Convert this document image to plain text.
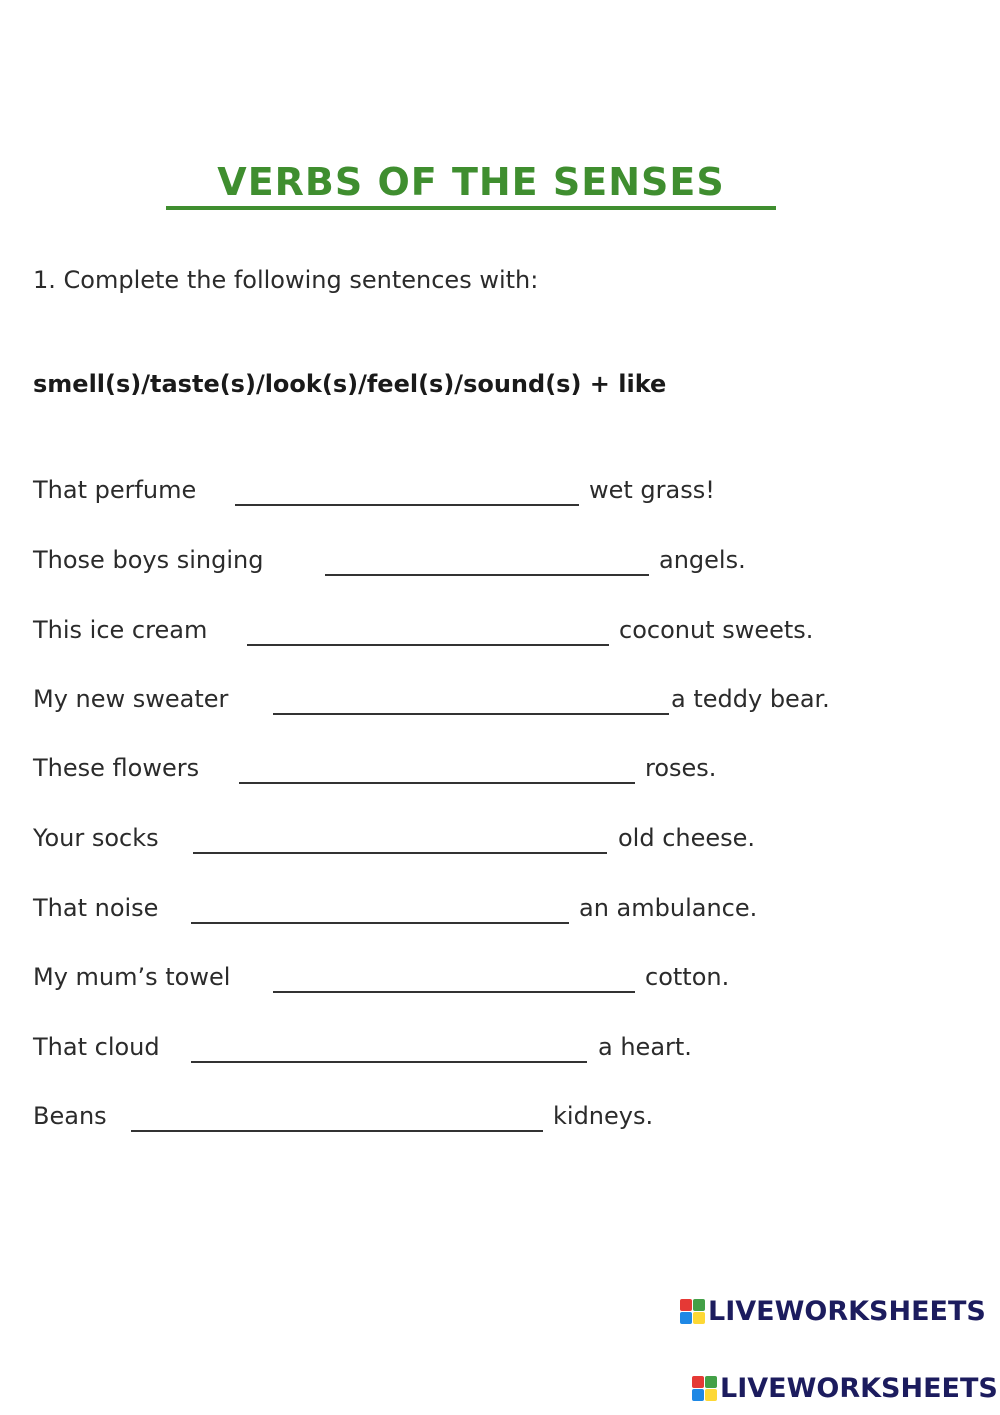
VERBS OF THE SENSES
1. Complete the following sentences with:
smell(s)/taste(s)/look(s)/feel(s)/sound(s) + like
That perfume	wet grass!
Those boys singing	angels.
This ice cream	coconut sweets.
My new sweater	a teddy bear.
These flowers	roses.
Your socks	old cheese.
That noise	an ambulance.
My mum’s towel	cotton.
That cloud	a heart.
Beans	kidneys.
LIVEWORKSHEETS
LIVEWORKSHEETS
